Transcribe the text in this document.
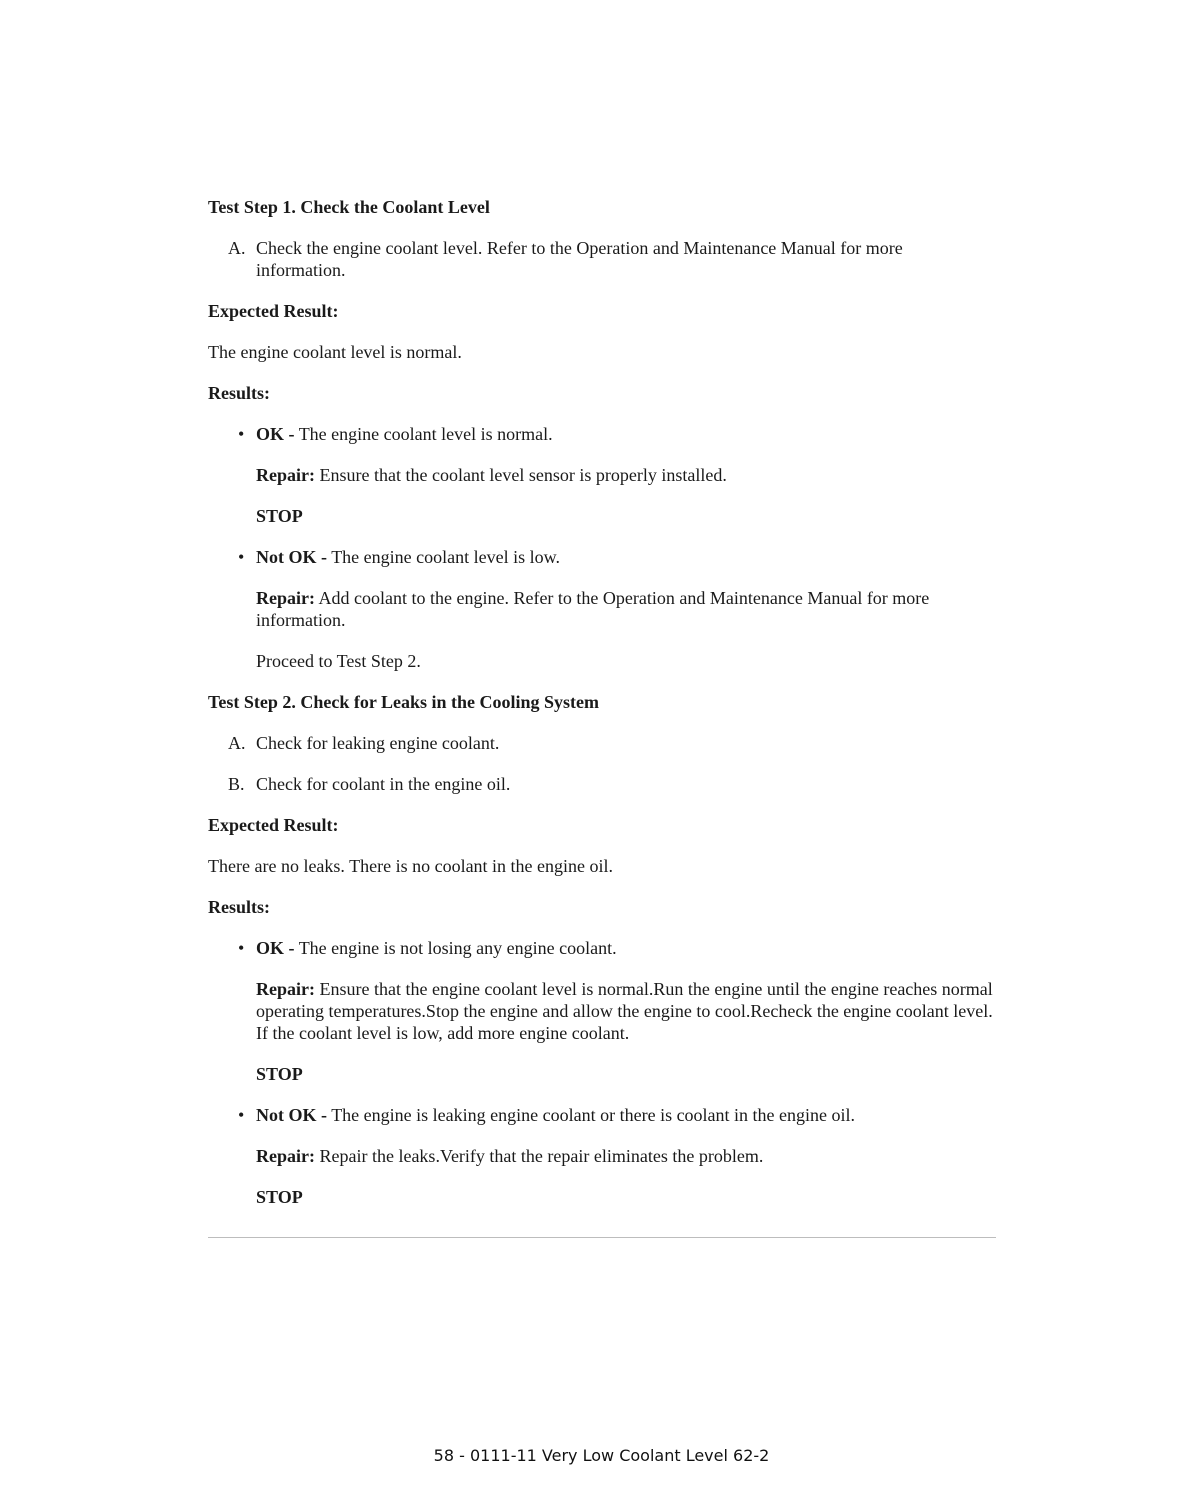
Test Step 1. Check the Coolant Level
A. Check the engine coolant level. Refer to the Operation and Maintenance Manual for more information.
Expected Result:
The engine coolant level is normal.
Results:
• OK - The engine coolant level is normal.
Repair: Ensure that the coolant level sensor is properly installed.
STOP
• Not OK - The engine coolant level is low.
Repair: Add coolant to the engine. Refer to the Operation and Maintenance Manual for more information.
Proceed to Test Step 2.
Test Step 2. Check for Leaks in the Cooling System
A. Check for leaking engine coolant.
B. Check for coolant in the engine oil.
Expected Result:
There are no leaks. There is no coolant in the engine oil.
Results:
• OK - The engine is not losing any engine coolant.
Repair: Ensure that the engine coolant level is normal.Run the engine until the engine reaches normal operating temperatures.Stop the engine and allow the engine to cool.Recheck the engine coolant level. If the coolant level is low, add more engine coolant.
STOP
• Not OK - The engine is leaking engine coolant or there is coolant in the engine oil.
Repair: Repair the leaks.Verify that the repair eliminates the problem.
STOP
58 - 0111-11 Very Low Coolant Level 62-2
